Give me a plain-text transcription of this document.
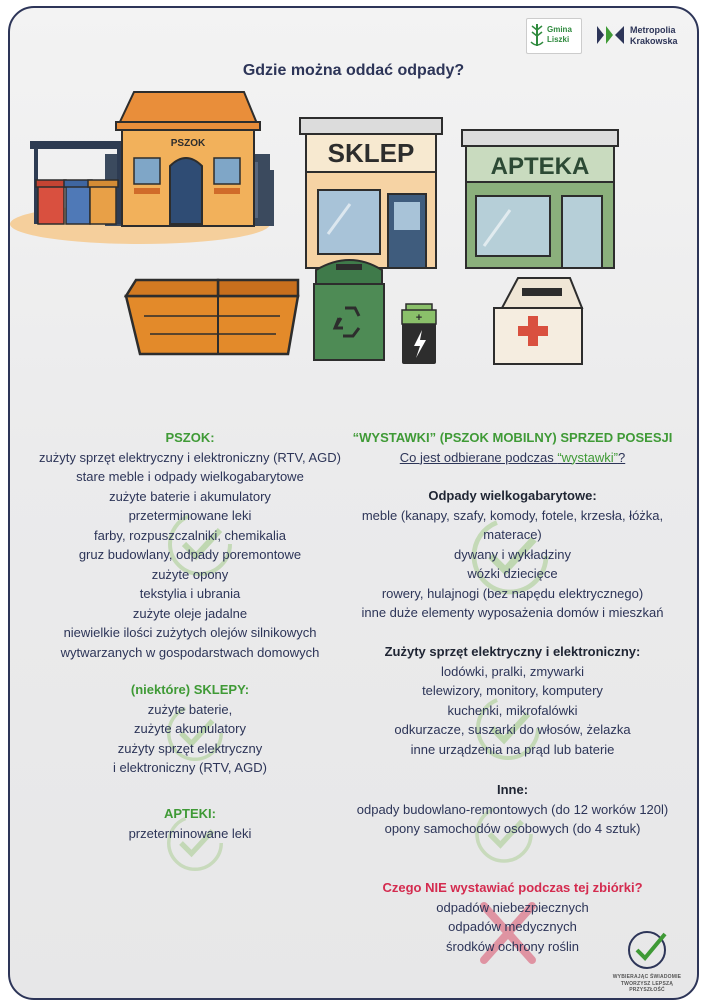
Gmina
Liszki
Metropolia
Krakowska
Gdzie można oddać odpady?
PSZOK	SKLEP	APTEKA
+
PSZOK:
zużyty sprzęt elektryczny i elektroniczny (RTV, AGD)
stare meble i odpady wielkogabarytowe
zużyte baterie i akumulatory
przeterminowane leki
farby, rozpuszczalniki, chemikalia
gruz budowlany, odpady poremontowe
zużyte opony
tekstylia i ubrania
zużyte oleje jadalne
niewielkie ilości zużytych olejów silnikowych
wytwarzanych w gospodarstwach domowych
(niektóre) SKLEPY:
zużyte baterie,
zużyte akumulatory
zużyty sprzęt elektryczny
i elektroniczny (RTV, AGD)
APTEKI:
przeterminowane leki
“WYSTAWKI” (PSZOK MOBILNY) SPRZED POSESJI
Co jest odbierane podczas “wystawki”?
Odpady wielkogabarytowe:
meble (kanapy, szafy, komody, fotele, krzesła, łóżka,
materace)
dywany i wykładziny
wózki dziecięce
rowery, hulajnogi (bez napędu elektrycznego)
inne duże elementy wyposażenia domów i mieszkań
Zużyty sprzęt elektryczny i elektroniczny:
lodówki, pralki, zmywarki
telewizory, monitory, komputery
kuchenki, mikrofalówki
odkurzacze, suszarki do włosów, żelazka
inne urządzenia na prąd lub baterie
Inne:
odpady budowlano-remontowych (do 12 worków 120l)
opony samochodów osobowych (do 4 sztuk)
Czego NIE wystawiać podczas tej zbiórki?
odpadów niebezpiecznych
odpadów medycznych
środków ochrony roślin
WYBIERAJĄC ŚWIADOMIE
TWORZYSZ LEPSZĄ PRZYSZŁOŚĆ
